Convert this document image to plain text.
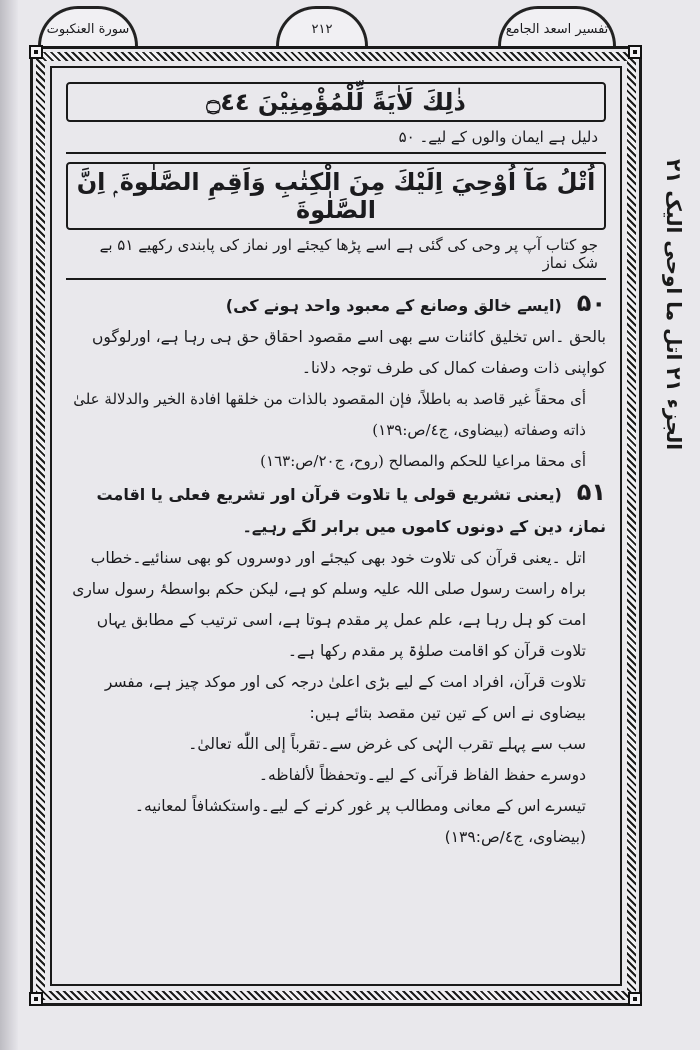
سورة العنكبوت	۲۱۲	تفسیر اسعد الجامع
الجزء ۲۱ اتل ما اوحی الیک ۲۱
ذٰلِكَ لَاٰيَةً لِّلْمُؤْمِنِيْنَ ۝٤٤
دلیل ہے ایمان والوں کے لیے۔ ۵۰
اُتْلُ مَآ اُوْحِيَ اِلَيْكَ مِنَ الْكِتٰبِ وَاَقِمِ الصَّلٰوةَ ۭ اِنَّ الصَّلٰوةَ
جو کتاب آپ پر وحی کی گئی ہے اسے پڑھا کیجئے اور نماز کی پابندی رکھیے ۵۱ بے شک نماز

۵۰ (ایسے خالق وصانع کے معبود واحد ہونے کی)

بالحق ۔اس تخلیق کائنات سے بھی اسے مقصود احقاق حق ہی رہا ہے، اورلوگوں کواپنی ذات وصفات کمال کی طرف توجہ دلانا۔

أى محقاً غير قاصد به باطلاً، فإن المقصود بالذات من خلقها افادة الخير والدلالة علىٰ ذاته وصفاته (بيضاوى، ج٤/ص:١٣٩)

أى محقا مراعيا للحكم والمصالح (روح، ج٢٠/ص:١٦٣)

۵۱ (یعنی تشریع قولی یا تلاوت قرآن اور تشریع فعلی یا اقامت نماز، دین کے دونوں کاموں میں برابر لگے رہیے۔

اتل ۔یعنی قرآن کی تلاوت خود بھی کیجئے اور دوسروں کو بھی سنائیے۔خطاب براہ راست رسول صلی اللہ علیہ وسلم کو ہے، لیکن حکم بواسطۂ رسول ساری امت کو ہل رہا ہے، علم عمل پر مقدم ہوتا ہے، اسی ترتیب کے مطابق یہاں تلاوت قرآن کو اقامت صلوٰۃ پر مقدم رکھا ہے۔

تلاوت قرآن، افراد امت کے لیے بڑی اعلیٰ درجہ کی اور موکد چیز ہے، مفسر بیضاوی نے اس کے تین تین مقصد بتائے ہیں:

سب سے پہلے تقرب الہٰی کی غرض سے۔تقرباً إلى اللّٰه تعالىٰ۔

دوسرے حفظ الفاظ قرآنی کے لیے۔وتحفظاً لألفاظه۔

تیسرے اس کے معانی ومطالب پر غور کرنے کے لیے۔واستكشافاً لمعانيه۔

(بیضاوی، ج٤/ص:١٣٩)
